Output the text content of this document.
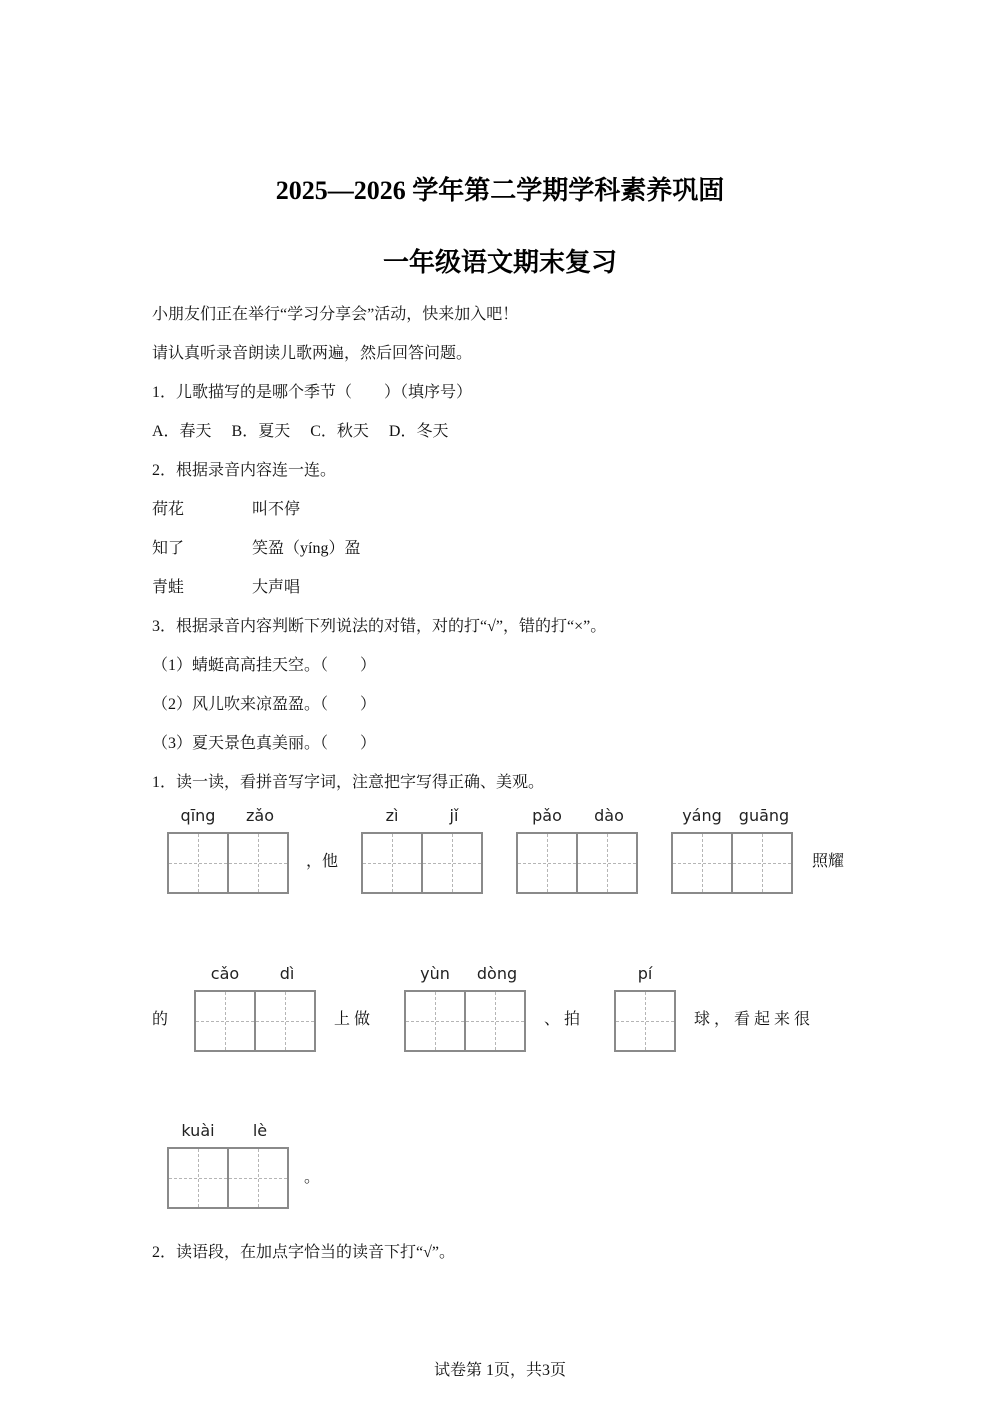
2025—2026 学年第二学期学科素养巩固
一年级语文期末复习
小朋友们正在举行“学习分享会”活动，快来加入吧！
请认真听录音朗读儿歌两遍，然后回答问题。
1．儿歌描写的是哪个季节（　　）（填序号）
A．春天　 B．夏天　 C．秋天　 D．冬天
2．根据录音内容连一连。
荷花	叫不停
知了	笑盈（yíng）盈
青蛙	大声唱
3．根据录音内容判断下列说法的对错，对的打“√”，错的打“×”。
（1）蜻蜓高高挂天空。（　　）
（2）风儿吹来凉盈盈。（　　）
（3）夏天景色真美丽。（　　）
1．读一读，看拼音写字词，注意把字写得正确、美观。
qīng	zǎo
，他
zì	jǐ	pǎo	dào	yáng	guāng
照耀
的
cǎo	dì
上 做
yùn	dòng
、 拍
pí
球 ， 看 起 来 很
kuài	lè
。
2．读语段，在加点字恰当的读音下打“√”。
试卷第 1页，共3页
